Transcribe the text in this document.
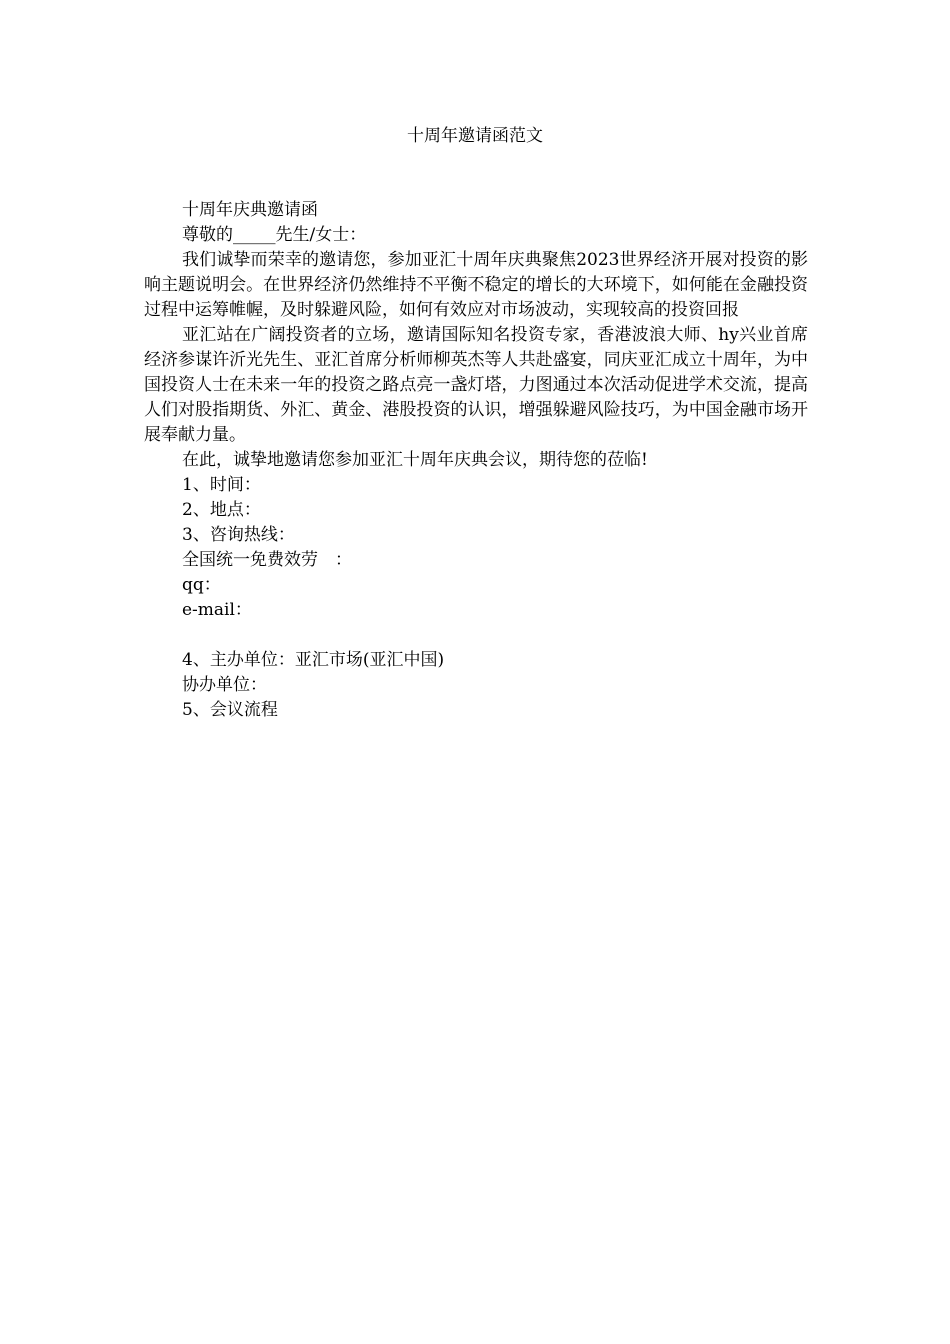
十周年邀请函范文
十周年庆典邀请函
尊敬的_____先生/女士：
我们诚挚而荣幸的邀请您，参加亚汇十周年庆典聚焦2023世界经济开展对投资的影响主题说明会。在世界经济仍然维持不平衡不稳定的增长的大环境下，如何能在金融投资过程中运筹帷幄，及时躲避风险，如何有效应对市场波动，实现较高的投资回报
亚汇站在广阔投资者的立场，邀请国际知名投资专家，香港波浪大师、hy兴业首席经济参谋许沂光先生、亚汇首席分析师柳英杰等人共赴盛宴，同庆亚汇成立十周年，为中国投资人士在未来一年的投资之路点亮一盏灯塔，力图通过本次活动促进学术交流，提高人们对股指期货、外汇、黄金、港股投资的认识，增强躲避风险技巧，为中国金融市场开展奉献力量。
在此，诚挚地邀请您参加亚汇十周年庆典会议，期待您的莅临!
1、时间：
2、地点：
3、咨询热线：
全国统一免费效劳　：
qq：
e-mail：
4、主办单位：亚汇市场(亚汇中国)
协办单位：
5、会议流程
